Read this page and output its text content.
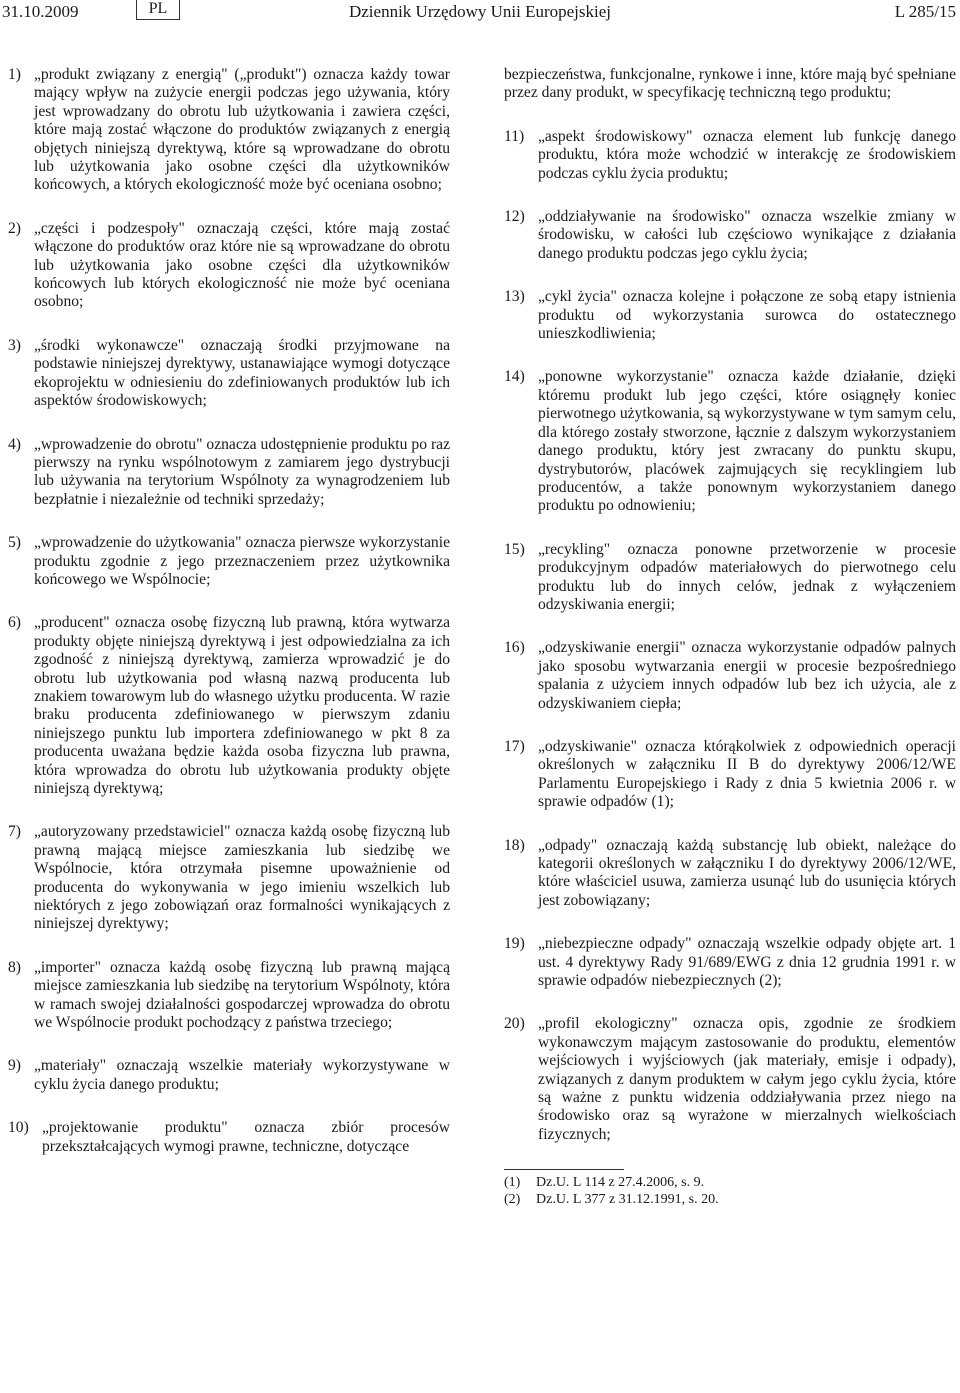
31.10.2009	PL	Dziennik Urzędowy Unii Europejskiej	L 285/15
1) „produkt związany z energią" („produkt") oznacza każdy towar mający wpływ na zużycie energii podczas jego używania, który jest wprowadzany do obrotu lub użytkowania i zawiera części, które mają zostać włączone do produktów związanych z energią objętych niniejszą dyrektywą, które są wprowadzane do obrotu lub użytkowania jako osobne części dla użytkowników końcowych, a których ekologiczność może być oceniana osobno;
2) „części i podzespoły" oznaczają części, które mają zostać włączone do produktów oraz które nie są wprowadzane do obrotu lub użytkowania jako osobne części dla użytkowników końcowych lub których ekologiczność nie może być oceniana osobno;
3) „środki wykonawcze" oznaczają środki przyjmowane na podstawie niniejszej dyrektywy, ustanawiające wymogi dotyczące ekoprojektu w odniesieniu do zdefiniowanych produktów lub ich aspektów środowiskowych;
4) „wprowadzenie do obrotu" oznacza udostępnienie produktu po raz pierwszy na rynku wspólnotowym z zamiarem jego dystrybucji lub używania na terytorium Wspólnoty za wynagrodzeniem lub bezpłatnie i niezależnie od techniki sprzedaży;
5) „wprowadzenie do użytkowania" oznacza pierwsze wykorzystanie produktu zgodnie z jego przeznaczeniem przez użytkownika końcowego we Wspólnocie;
6) „producent" oznacza osobę fizyczną lub prawną, która wytwarza produkty objęte niniejszą dyrektywą i jest odpowiedzialna za ich zgodność z niniejszą dyrektywą, zamierza wprowadzić je do obrotu lub użytkowania pod własną nazwą producenta lub znakiem towarowym lub do własnego użytku producenta. W razie braku producenta zdefiniowanego w pierwszym zdaniu niniejszego punktu lub importera zdefiniowanego w pkt 8 za producenta uważana będzie każda osoba fizyczna lub prawna, która wprowadza do obrotu lub użytkowania produkty objęte niniejszą dyrektywą;
7) „autoryzowany przedstawiciel" oznacza każdą osobę fizyczną lub prawną mającą miejsce zamieszkania lub siedzibę we Wspólnocie, która otrzymała pisemne upoważnienie od producenta do wykonywania w jego imieniu wszelkich lub niektórych z jego zobowiązań oraz formalności wynikających z niniejszej dyrektywy;
8) „importer" oznacza każdą osobę fizyczną lub prawną mającą miejsce zamieszkania lub siedzibę na terytorium Wspólnoty, która w ramach swojej działalności gospodarczej wprowadza do obrotu we Wspólnocie produkt pochodzący z państwa trzeciego;
9) „materiały" oznaczają wszelkie materiały wykorzystywane w cyklu życia danego produktu;
10) „projektowanie produktu" oznacza zbiór procesów przekształcających wymogi prawne, techniczne, dotyczące
bezpieczeństwa, funkcjonalne, rynkowe i inne, które mają być spełniane przez dany produkt, w specyfikację techniczną tego produktu;
11) „aspekt środowiskowy" oznacza element lub funkcję danego produktu, która może wchodzić w interakcję ze środowiskiem podczas cyklu życia produktu;
12) „oddziaływanie na środowisko" oznacza wszelkie zmiany w środowisku, w całości lub częściowo wynikające z działania danego produktu podczas jego cyklu życia;
13) „cykl życia" oznacza kolejne i połączone ze sobą etapy istnienia produktu od wykorzystania surowca do ostatecznego unieszkodliwienia;
14) „ponowne wykorzystanie" oznacza każde działanie, dzięki któremu produkt lub jego części, które osiągnęły koniec pierwotnego użytkowania, są wykorzystywane w tym samym celu, dla którego zostały stworzone, łącznie z dalszym wykorzystaniem danego produktu, który jest zwracany do punktu skupu, dystrybutorów, placówek zajmujących się recyklingiem lub producentów, a także ponownym wykorzystaniem danego produktu po odnowieniu;
15) „recykling" oznacza ponowne przetworzenie w procesie produkcyjnym odpadów materiałowych do pierwotnego celu produktu lub do innych celów, jednak z wyłączeniem odzyskiwania energii;
16) „odzyskiwanie energii" oznacza wykorzystanie odpadów palnych jako sposobu wytwarzania energii w procesie bezpośredniego spalania z użyciem innych odpadów lub bez ich użycia, ale z odzyskiwaniem ciepła;
17) „odzyskiwanie" oznacza którąkolwiek z odpowiednich operacji określonych w załączniku II B do dyrektywy 2006/12/WE Parlamentu Europejskiego i Rady z dnia 5 kwietnia 2006 r. w sprawie odpadów (1);
18) „odpady" oznaczają każdą substancję lub obiekt, należące do kategorii określonych w załączniku I do dyrektywy 2006/12/WE, które właściciel usuwa, zamierza usunąć lub do usunięcia których jest zobowiązany;
19) „niebezpieczne odpady" oznaczają wszelkie odpady objęte art. 1 ust. 4 dyrektywy Rady 91/689/EWG z dnia 12 grudnia 1991 r. w sprawie odpadów niebezpiecznych (2);
20) „profil ekologiczny" oznacza opis, zgodnie ze środkiem wykonawczym mającym zastosowanie do produktu, elementów wejściowych i wyjściowych (jak materiały, emisje i odpady), związanych z danym produktem w całym jego cyklu życia, które są ważne z punktu widzenia oddziaływania przez niego na środowisko oraz są wyrażone w mierzalnych wielkościach fizycznych;
(1)	Dz.U. L 114 z 27.4.2006, s. 9.
(2)	Dz.U. L 377 z 31.12.1991, s. 20.
